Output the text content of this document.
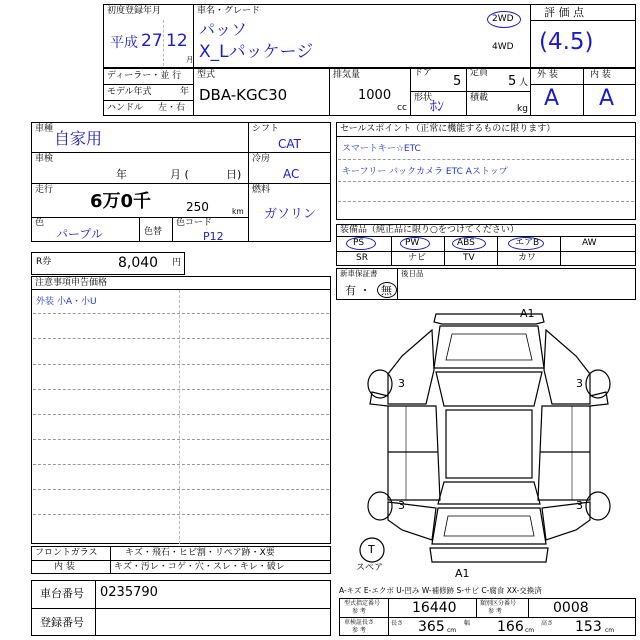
初度登録年月
平成 27 12
月
車名・グレード
パッソ
X_Lパッケージ
2WD
4WD
評 価 点
(4.5)
ディーラー・並 行
モデル年式	年
ハンドル 左・右
型式
DBA-KGC30
排気量
1000
cc
ドア
5
形状
ﾎﾝ
定員
5 人
積載
kg
外 装	内 装
A A
車種 自家用
車検
年	月 (	日)
走行
6万0千	250	km
色
パープル	色替
色コード
P12
シフト
CAT
冷房
AC
燃料
ガソリン
セールスポイント（正常に機能するものに限ります）
スマートキー☆ETC
キーフリー バックカメラ ETC Aストップ
装備品（純正品に限り○をつけてください）
PS	PW	ABS	エアB	AW
SR	ナビ	TV	カワ
新車保証書
有 ・ 無
後日品
R券	8,040 円
注意事項申告価格
外装 小A・小U
A1
3	3
3	3
A1
T
スペア
フロントガラス	キズ・飛石・ヒビ割・リペア跡・X要
内 装	キズ・汚レ・コゲ・穴・スレ・キレ・破レ
A-キズ E-エクボ U-凹み W-補修跡 S-サビ C-腐食 XX-交換済
車台番号 0235790
登録番号
型式指定番号
参 考	16440	類別区分番号
参 考	0008
車検証長さ
参 考
長さ 365 cm
幅 166 cm
高さ 153 cm
